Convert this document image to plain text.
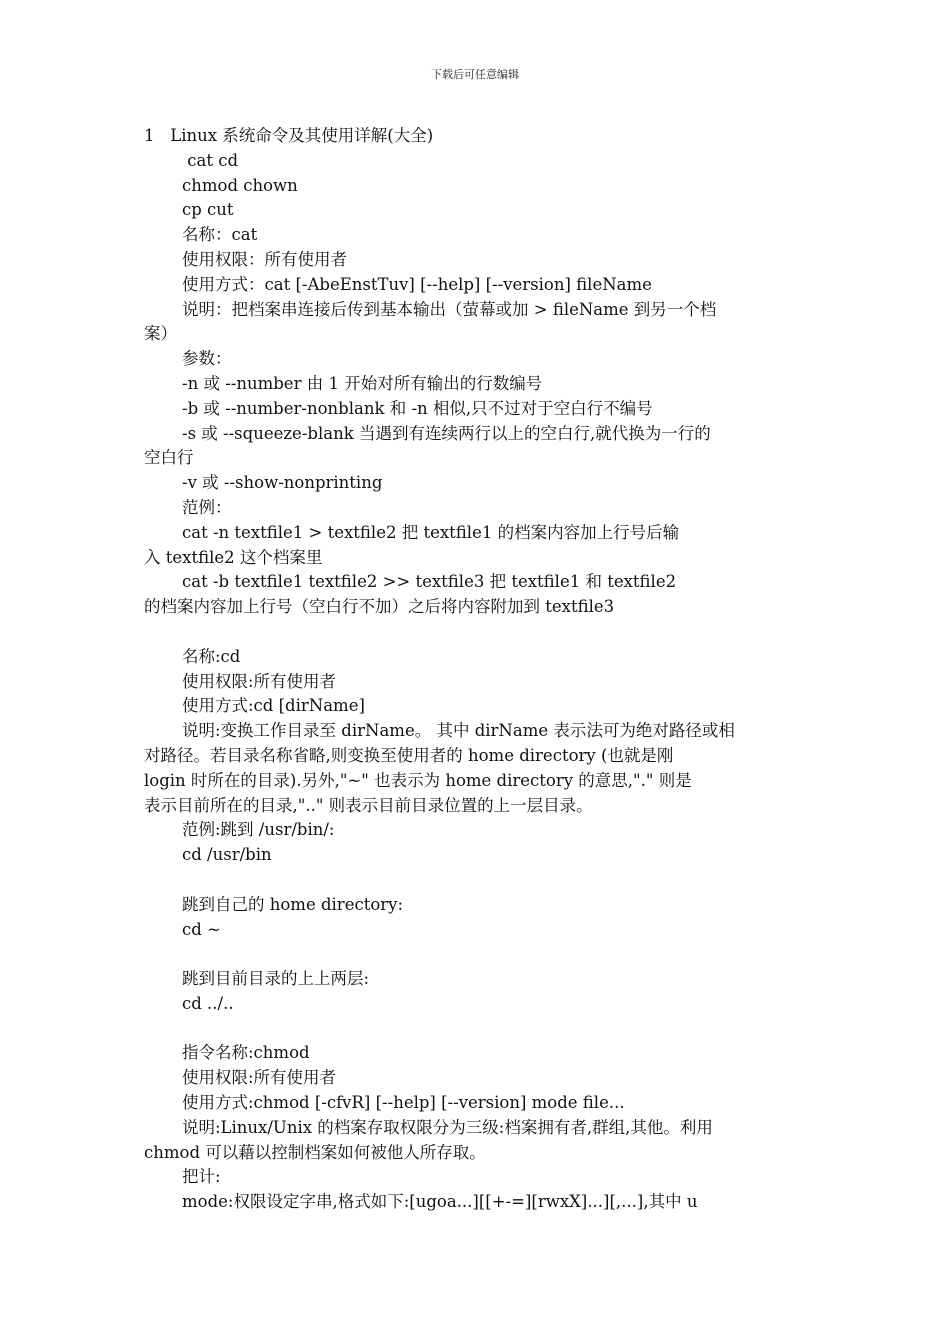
下载后可任意编辑
1   Linux 系统命令及其使用详解(大全)
cat cd
chmod chown
cp cut
名称：cat
使用权限：所有使用者
使用方式：cat [-AbeEnstTuv] [--help] [--version] fileName
说明：把档案串连接后传到基本输出（萤幕或加 > fileName 到另一个档
案）
参数：
-n 或 --number 由 1 开始对所有输出的行数编号
-b 或 --number-nonblank 和 -n 相似,只不过对于空白行不编号
-s 或 --squeeze-blank 当遇到有连续两行以上的空白行,就代换为一行的
空白行
-v 或 --show-nonprinting
范例：
cat -n textfile1 > textfile2 把 textfile1 的档案内容加上行号后输
入 textfile2 这个档案里
cat -b textfile1 textfile2 >> textfile3 把 textfile1 和 textfile2
的档案内容加上行号（空白行不加）之后将内容附加到 textfile3
名称:cd
使用权限:所有使用者
使用方式:cd [dirName]
说明:变换工作目录至 dirName。 其中 dirName 表示法可为绝对路径或相
对路径。若目录名称省略,则变换至使用者的 home directory (也就是刚
login 时所在的目录).另外,"~" 也表示为 home directory 的意思,"." 则是
表示目前所在的目录,".." 则表示目前目录位置的上一层目录。
范例:跳到 /usr/bin/:
cd /usr/bin
跳到自己的 home directory:
cd ~
跳到目前目录的上上两层:
cd ../..
指令名称:chmod
使用权限:所有使用者
使用方式:chmod [-cfvR] [--help] [--version] mode file...
说明:Linux/Unix 的档案存取权限分为三级:档案拥有者,群组,其他。利用
chmod 可以藉以控制档案如何被他人所存取。
把计:
mode:权限设定字串,格式如下:[ugoa...][[+-=][rwxX]...][,...],其中 u
